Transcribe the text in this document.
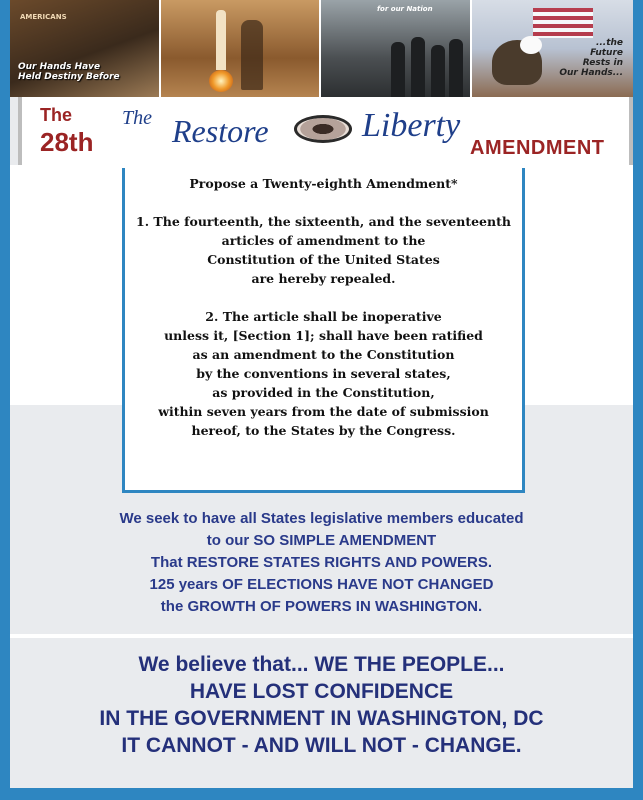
AMERICANS
Our Hands Have
Held Destiny Before
for our Nation
...the
Future
Rests in
Our Hands...
The
28th
The Restore	Liberty
AMENDMENT
Propose a Twenty-eighth Amendment*
1. The fourteenth, the sixteenth, and the seventeenth
articles of amendment to the
Constitution of the United States
are hereby repealed.
2. The article shall be inoperative
unless it, [Section 1]; shall have been ratified
as an amendment to the Constitution
by the conventions in several states,
as provided in the Constitution,
within seven years from the date of submission
hereof, to the States by the Congress.
We seek to have all States legislative members educated
to our SO SIMPLE AMENDMENT
That RESTORE STATES RIGHTS AND POWERS.
125 years OF ELECTIONS HAVE NOT CHANGED
the GROWTH OF POWERS IN WASHINGTON.
We believe that... WE THE PEOPLE...
HAVE LOST CONFIDENCE
IN THE GOVERNMENT IN WASHINGTON, DC
IT CANNOT - AND WILL NOT - CHANGE.
